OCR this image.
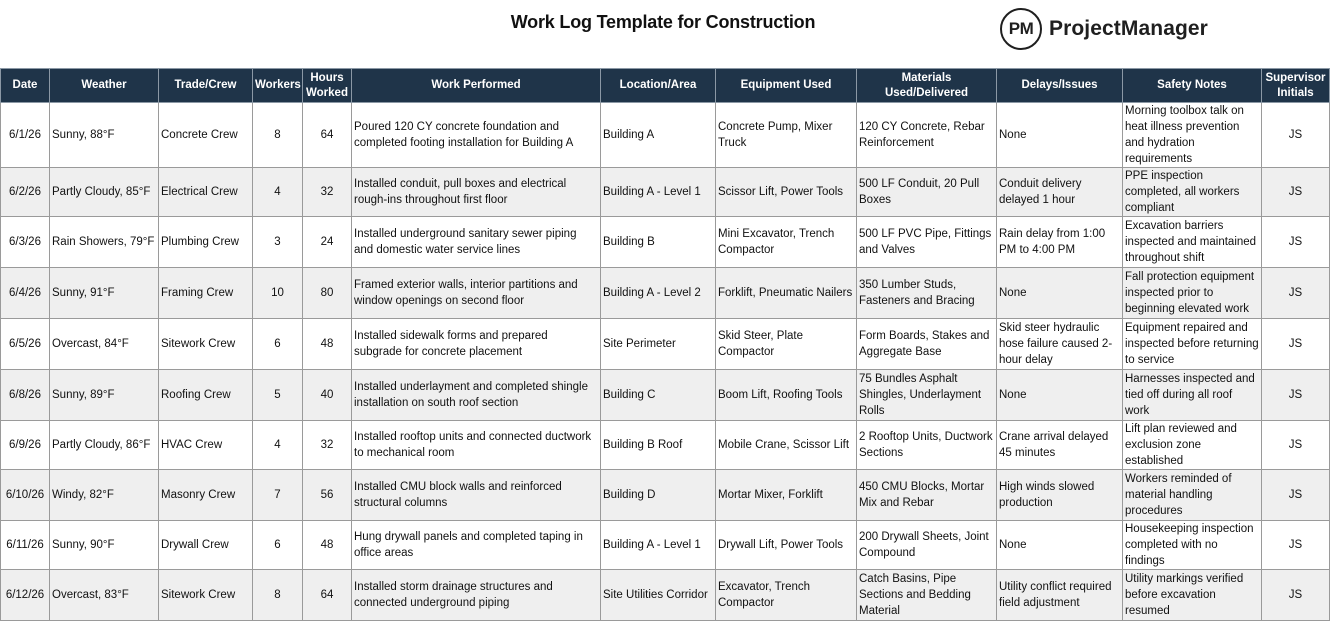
Work Log Template for Construction	PM ProjectManager
Date	Weather	Trade/Crew	Workers	Hours Worked	Work Performed	Location/Area	Equipment Used	Materials Used/Delivered	Delays/Issues	Safety Notes	Supervisor Initials
6/1/26	Sunny, 88°F	Concrete Crew	8	64	Poured 120 CY concrete foundation and completed footing installation for Building A	Building A	Concrete Pump, Mixer Truck	120 CY Concrete, Rebar Reinforcement	None	Morning toolbox talk on heat illness prevention and hydration requirements	JS
6/2/26	Partly Cloudy, 85°F	Electrical Crew	4	32	Installed conduit, pull boxes and electrical rough-ins throughout first floor	Building A - Level 1	Scissor Lift, Power Tools	500 LF Conduit, 20 Pull Boxes	Conduit delivery delayed 1 hour	PPE inspection completed, all workers compliant	JS
6/3/26	Rain Showers, 79°F	Plumbing Crew	3	24	Installed underground sanitary sewer piping and domestic water service lines	Building B	Mini Excavator, Trench Compactor	500 LF PVC Pipe, Fittings and Valves	Rain delay from 1:00 PM to 4:00 PM	Excavation barriers inspected and maintained throughout shift	JS
6/4/26	Sunny, 91°F	Framing Crew	10	80	Framed exterior walls, interior partitions and window openings on second floor	Building A - Level 2	Forklift, Pneumatic Nailers	350 Lumber Studs, Fasteners and Bracing	None	Fall protection equipment inspected prior to beginning elevated work	JS
6/5/26	Overcast, 84°F	Sitework Crew	6	48	Installed sidewalk forms and prepared subgrade for concrete placement	Site Perimeter	Skid Steer, Plate Compactor	Form Boards, Stakes and Aggregate Base	Skid steer hydraulic hose failure caused 2-hour delay	Equipment repaired and inspected before returning to service	JS
6/8/26	Sunny, 89°F	Roofing Crew	5	40	Installed underlayment and completed shingle installation on south roof section	Building C	Boom Lift, Roofing Tools	75 Bundles Asphalt Shingles, Underlayment Rolls	None	Harnesses inspected and tied off during all roof work	JS
6/9/26	Partly Cloudy, 86°F	HVAC Crew	4	32	Installed rooftop units and connected ductwork to mechanical room	Building B Roof	Mobile Crane, Scissor Lift	2 Rooftop Units, Ductwork Sections	Crane arrival delayed 45 minutes	Lift plan reviewed and exclusion zone established	JS
6/10/26	Windy, 82°F	Masonry Crew	7	56	Installed CMU block walls and reinforced structural columns	Building D	Mortar Mixer, Forklift	450 CMU Blocks, Mortar Mix and Rebar	High winds slowed production	Workers reminded of material handling procedures	JS
6/11/26	Sunny, 90°F	Drywall Crew	6	48	Hung drywall panels and completed taping in office areas	Building A - Level 1	Drywall Lift, Power Tools	200 Drywall Sheets, Joint Compound	None	Housekeeping inspection completed with no findings	JS
6/12/26	Overcast, 83°F	Sitework Crew	8	64	Installed storm drainage structures and connected underground piping	Site Utilities Corridor	Excavator, Trench Compactor	Catch Basins, Pipe Sections and Bedding Material	Utility conflict required field adjustment	Utility markings verified before excavation resumed	JS
